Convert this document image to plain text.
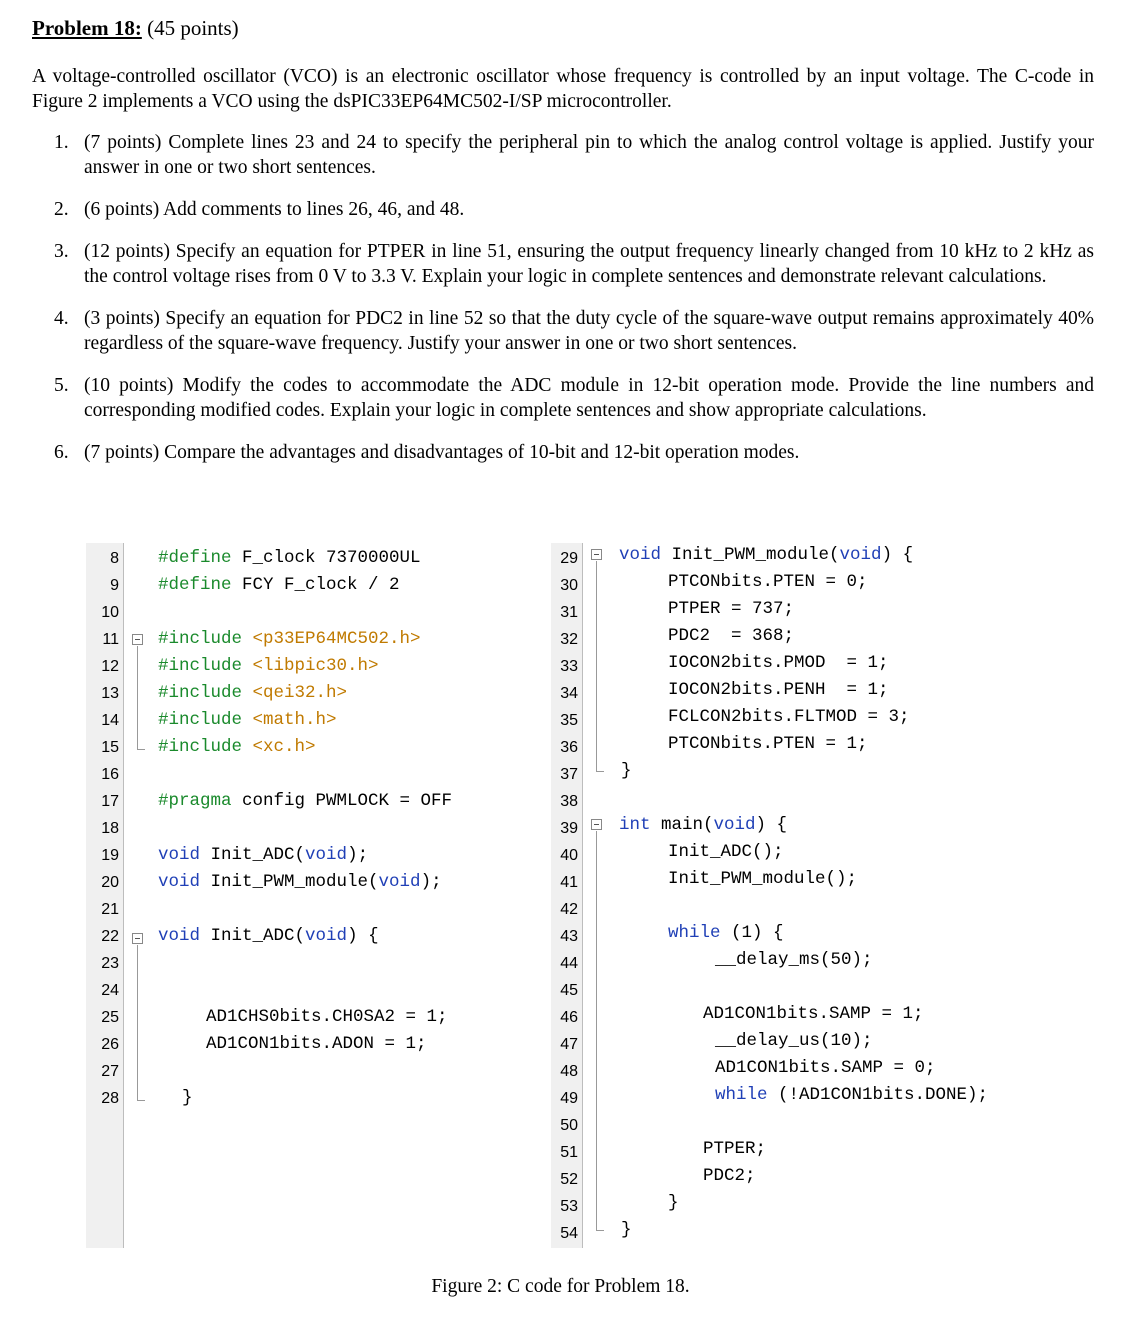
Problem 18: (45 points)
A voltage-controlled oscillator (VCO) is an electronic oscillator whose frequency is controlled by an input voltage. The C-code in Figure 2 implements a VCO using the dsPIC33EP64MC502-I/SP microcontroller.
1. (7 points) Complete lines 23 and 24 to specify the peripheral pin to which the analog control voltage is applied. Justify your answer in one or two short sentences.
2. (6 points) Add comments to lines 26, 46, and 48.
3. (12 points) Specify an equation for PTPER in line 51, ensuring the output frequency linearly changed from 10 kHz to 2 kHz as the control voltage rises from 0 V to 3.3 V. Explain your logic in complete sentences and demonstrate relevant calculations.
4. (3 points) Specify an equation for PDC2 in line 52 so that the duty cycle of the square-wave output remains approximately 40% regardless of the square-wave frequency. Justify your answer in one or two short sentences.
5. (10 points) Modify the codes to accommodate the ADC module in 12-bit operation mode. Provide the line numbers and corresponding modified codes. Explain your logic in complete sentences and show appropriate calculations.
6. (7 points) Compare the advantages and disadvantages of 10-bit and 12-bit operation modes.
8
9
10
11
12
13
14
15
16
17
18
19
20
21
22
23
24
25
26
27
28
#define F_clock 7370000UL
#define FCY F_clock / 2
#include <p33EP64MC502.h>
#include <libpic30.h>
#include <qei32.h>
#include <math.h>
#include <xc.h>
#pragma config PWMLOCK = OFF
void Init_ADC(void);
void Init_PWM_module(void);
void Init_ADC(void) {
AD1CHS0bits.CH0SA2 = 1;
AD1CON1bits.ADON = 1;
}
29
30
31
32
33
34
35
36
37
38
39
40
41
42
43
44
45
46
47
48
49
50
51
52
53
54
void Init_PWM_module(void) {
PTCONbits.PTEN = 0;
PTPER = 737;
PDC2  = 368;
IOCON2bits.PMOD  = 1;
IOCON2bits.PENH  = 1;
FCLCON2bits.FLTMOD = 3;
PTCONbits.PTEN = 1;
}
int main(void) {
Init_ADC();
Init_PWM_module();
while (1) {
__delay_ms(50);
AD1CON1bits.SAMP = 1;
__delay_us(10);
AD1CON1bits.SAMP = 0;
while (!AD1CON1bits.DONE);
PTPER;
PDC2;
}
}
Figure 2: C code for Problem 18.
